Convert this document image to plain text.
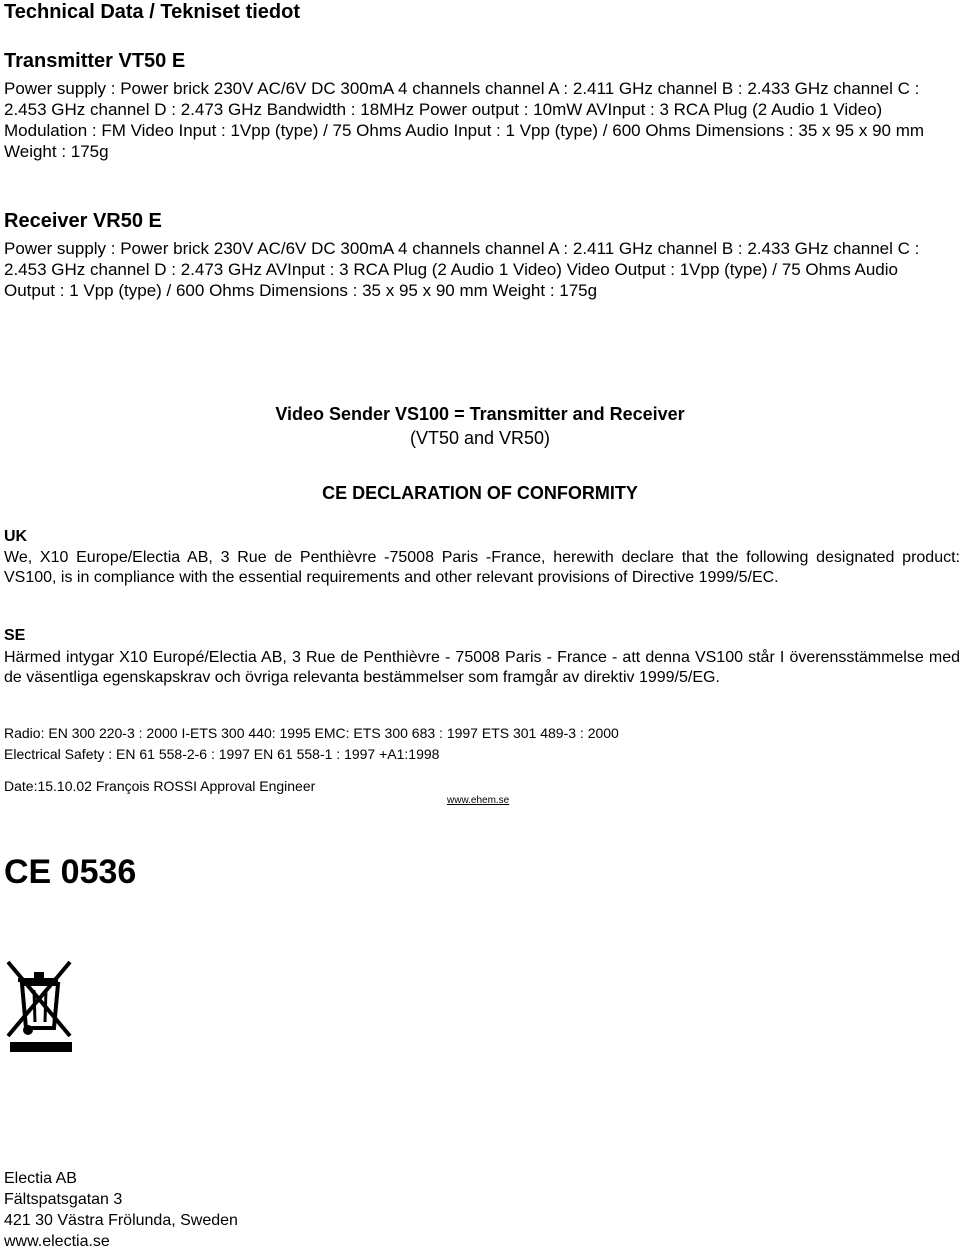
Technical Data / Tekniset tiedot
Transmitter VT50 E
Power supply : Power brick 230V AC/6V DC 300mA 4 channels channel A : 2.411 GHz channel B : 2.433 GHz channel C : 2.453 GHz channel D : 2.473 GHz Bandwidth : 18MHz Power output : 10mW AVInput : 3 RCA Plug (2 Audio 1 Video) Modulation : FM Video Input : 1Vpp (type) / 75 Ohms Audio Input : 1 Vpp (type) / 600 Ohms Dimensions : 35 x 95 x 90 mm Weight : 175g
Receiver VR50 E
Power supply : Power brick 230V AC/6V DC 300mA 4 channels channel A : 2.411 GHz channel B : 2.433 GHz channel C : 2.453 GHz channel D : 2.473 GHz AVInput : 3 RCA Plug (2 Audio 1 Video) Video Output : 1Vpp (type) / 75 Ohms Audio Output : 1 Vpp (type) / 600 Ohms Dimensions : 35 x 95 x 90 mm Weight : 175g
Video Sender VS100 = Transmitter and Receiver
(VT50 and VR50)
CE DECLARATION OF CONFORMITY
UK
We, X10 Europe/Electia AB, 3 Rue de Penthièvre -75008 Paris -France, herewith declare that the following designated product: VS100, is in compliance with the essential requirements and other relevant provisions of Directive 1999/5/EC.
SE
Härmed intygar X10 Europé/Electia AB, 3 Rue de Penthièvre - 75008 Paris - France - att denna VS100 står I överensstämmelse med de väsentliga egenskapskrav och övriga relevanta bestämmelser som framgår av direktiv 1999/5/EG.
Radio: EN 300 220-3 : 2000 I-ETS 300 440: 1995 EMC: ETS 300 683 : 1997 ETS 301 489-3 : 2000
Electrical Safety : EN 61 558-2-6 : 1997 EN 61 558-1 : 1997 +A1:1998
Date:15.10.02 François ROSSI Approval Engineer
www.ehem.se
CE 0536
Electia AB
Fältspatsgatan 3
421 30 Västra Frölunda, Sweden
www.electia.se
